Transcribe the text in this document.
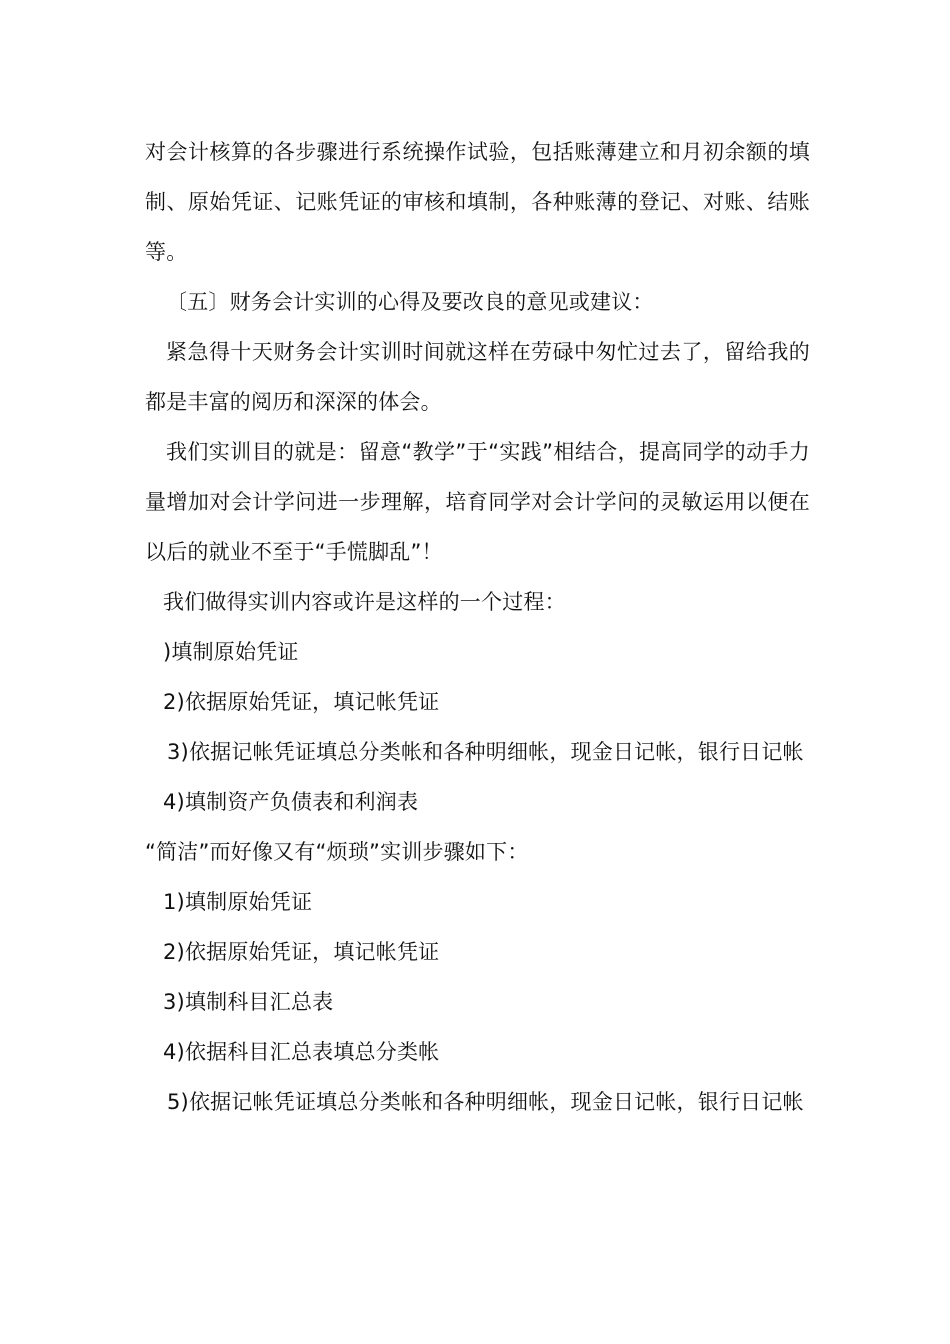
对会计核算的各步骤进行系统操作试验，包括账薄建立和月初余额的填制、原始凭证、记账凭证的审核和填制，各种账薄的登记、对账、结账等。

〔五〕财务会计实训的心得及要改良的意见或建议：

紧急得十天财务会计实训时间就这样在劳碌中匆忙过去了，留给我的都是丰富的阅历和深深的体会。

我们实训目的就是：留意“教学”于“实践”相结合，提高同学的动手力量增加对会计学问进一步理解，培育同学对会计学问的灵敏运用以便在以后的就业不至于“手慌脚乱”！

我们做得实训内容或许是这样的一个过程：

)填制原始凭证

2)依据原始凭证，填记帐凭证

3)依据记帐凭证填总分类帐和各种明细帐，现金日记帐，银行日记帐

4)填制资产负债表和利润表

“简洁”而好像又有“烦琐”实训步骤如下：

1)填制原始凭证

2)依据原始凭证，填记帐凭证

3)填制科目汇总表

4)依据科目汇总表填总分类帐

5)依据记帐凭证填总分类帐和各种明细帐，现金日记帐，银行日记帐
